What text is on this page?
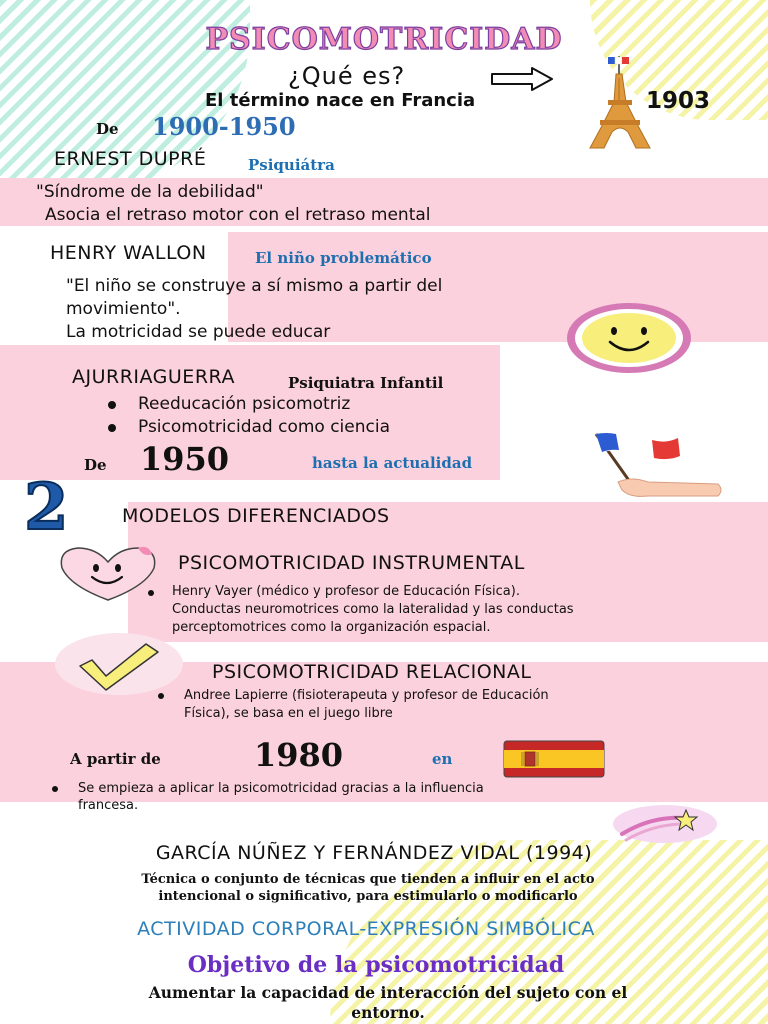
PSICOMOTRICIDAD
¿Qué es?
El término nace en Francia	1903
De 1900-1950
ERNEST DUPRÉ	Psiquiátra
"Síndrome de la debilidad"
Asocia el retraso motor con el retraso mental
HENRY WALLON	El niño problemático
"El niño se construye a sí mismo a partir del
movimiento".
La motricidad se puede educar
AJURRIAGUERRA	Psiquiatra Infantil
Reeducación psicomotriz
Psicomotricidad como ciencia
De 1950	hasta la actualidad
2	MODELOS DIFERENCIADOS
PSICOMOTRICIDAD INSTRUMENTAL
Henry Vayer (médico y profesor de Educación Física).
Conductas neuromotrices como la lateralidad y las conductas
perceptomotrices como la organización espacial.
PSICOMOTRICIDAD RELACIONAL
Andree Lapierre (fisioterapeuta y profesor de Educación
Física), se basa en el juego libre
A partir de	1980	en
Se empieza a aplicar la psicomotricidad gracias a la influencia
francesa.
GARCÍA NÚÑEZ Y FERNÁNDEZ VIDAL (1994)
Técnica o conjunto de técnicas que tienden a influir en el acto
intencional o significativo, para estimularlo o modificarlo
ACTIVIDAD CORPORAL-EXPRESIÓN SIMBÓLICA
Objetivo de la psicomotricidad
Aumentar la capacidad de interacción del sujeto con el
entorno.
